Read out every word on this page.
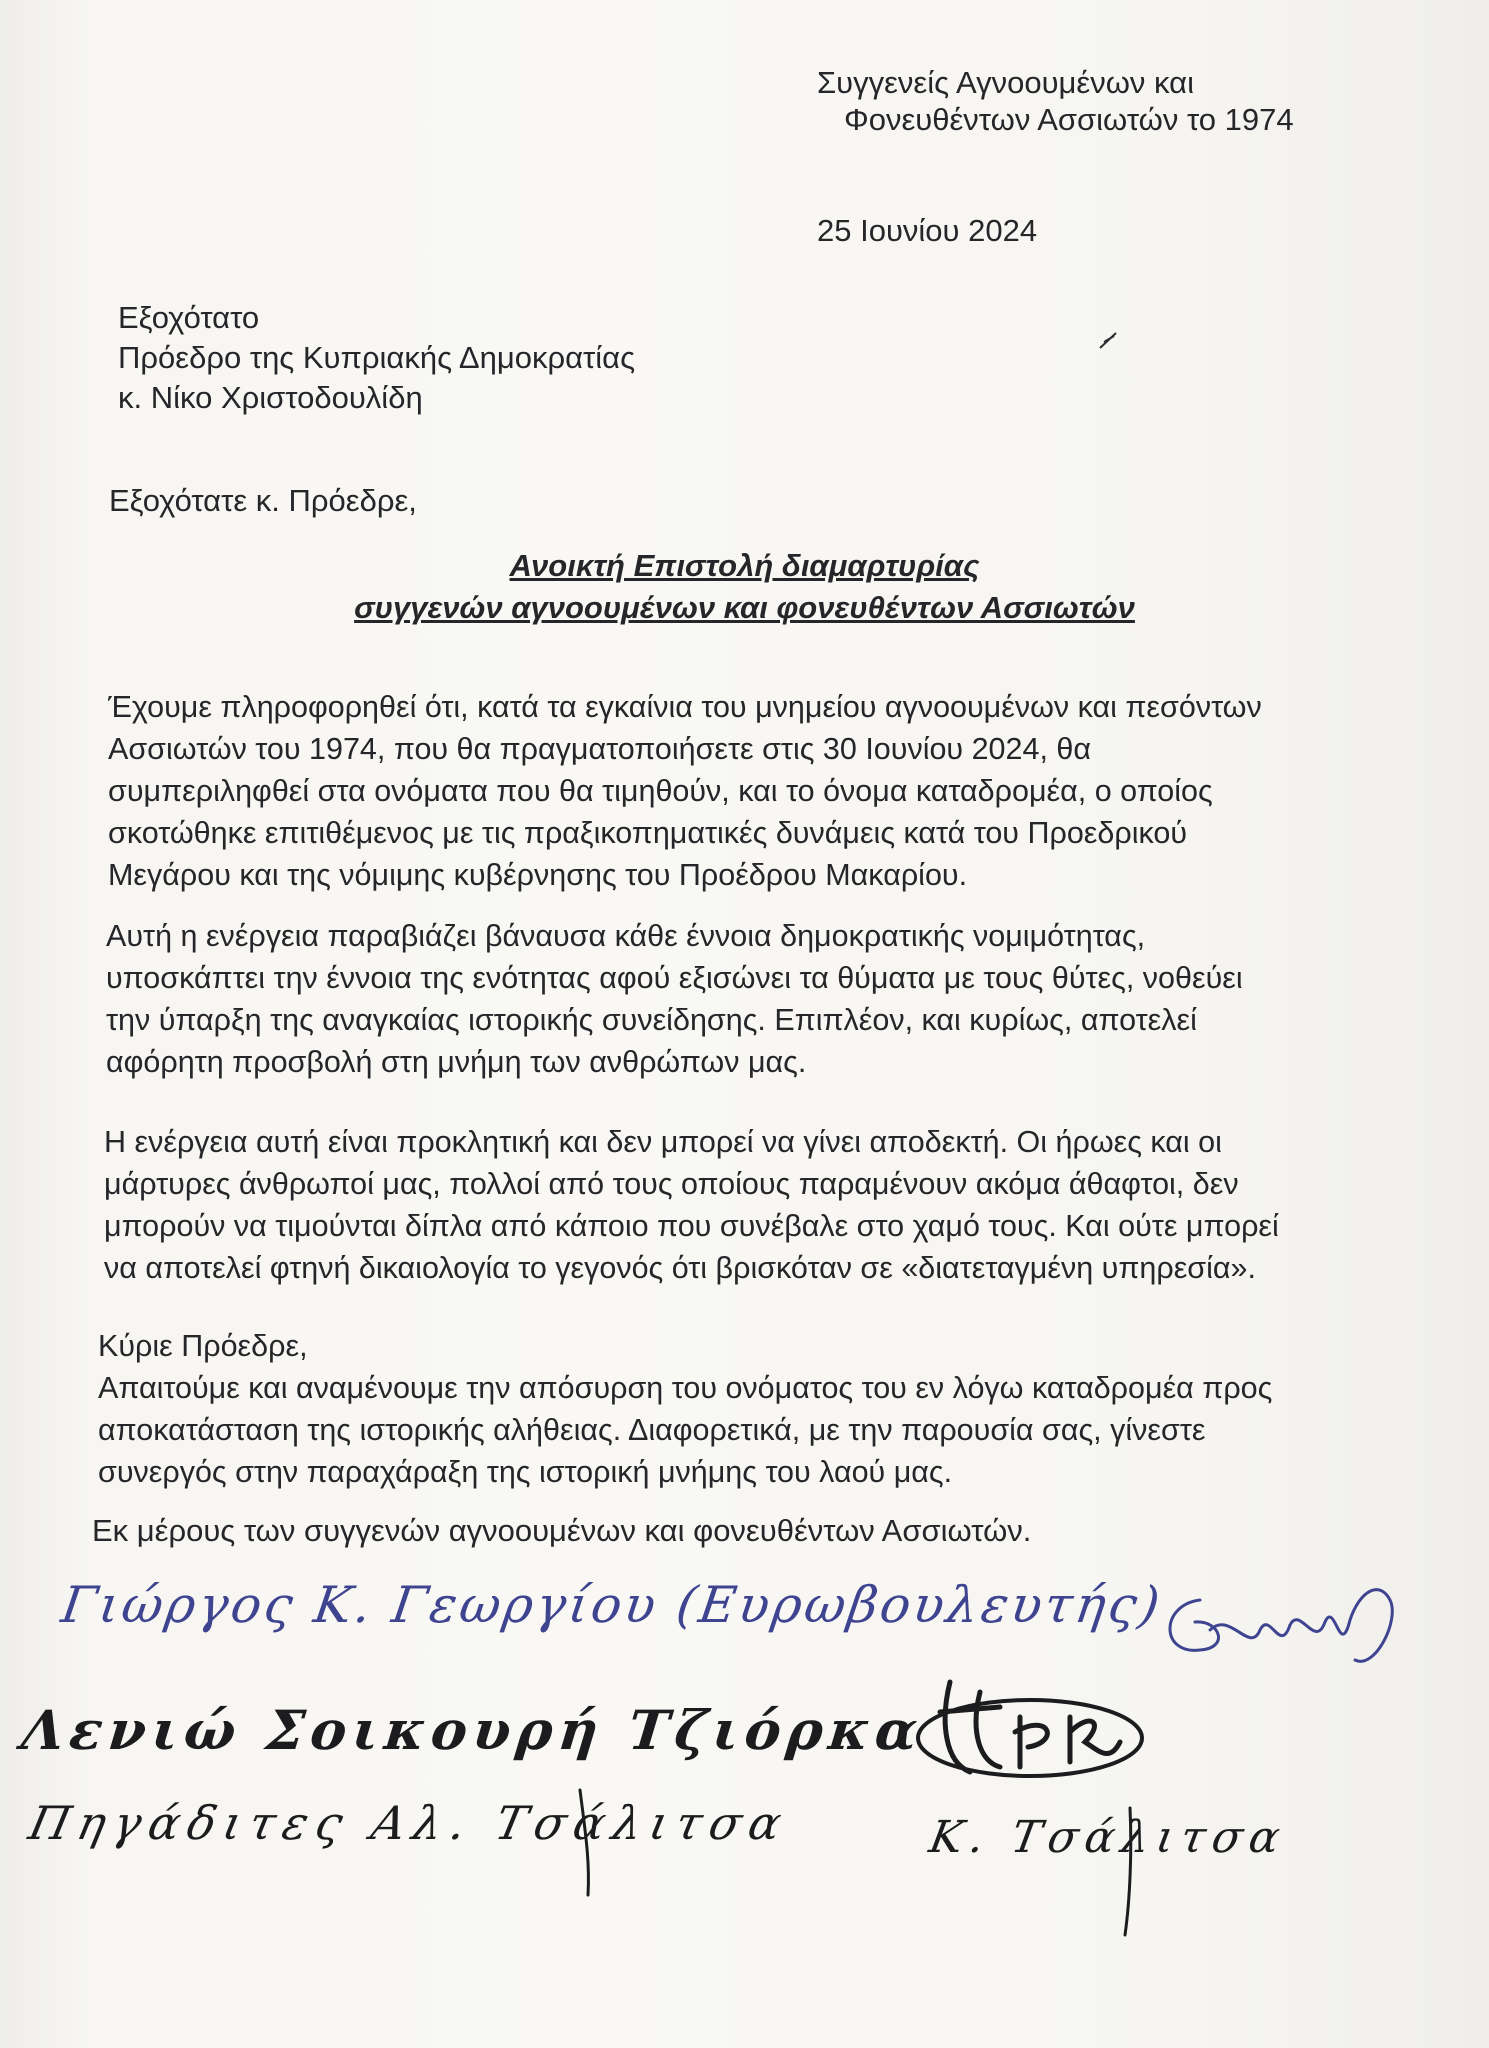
Συγγενείς Αγνοουμένων και
Φονευθέντων Ασσιωτών το 1974
25 Ιουνίου 2024
Εξοχότατο
Πρόεδρο της Κυπριακής Δημοκρατίας
κ. Νίκο Χριστοδουλίδη
Εξοχότατε κ. Πρόεδρε,
Ανοικτή Επιστολή διαμαρτυρίας
συγγενών αγνοουμένων και φονευθέντων Ασσιωτών
Έχουμε πληροφορηθεί ότι, κατά τα εγκαίνια του μνημείου αγνοουμένων και πεσόντων
Ασσιωτών του 1974, που θα πραγματοποιήσετε στις 30 Ιουνίου 2024, θα
συμπεριληφθεί στα ονόματα που θα τιμηθούν, και το όνομα καταδρομέα, ο οποίος
σκοτώθηκε επιτιθέμενος με τις πραξικοπηματικές δυνάμεις κατά του Προεδρικού
Μεγάρου και της νόμιμης κυβέρνησης του Προέδρου Μακαρίου.
Αυτή η ενέργεια παραβιάζει βάναυσα κάθε έννοια δημοκρατικής νομιμότητας,
υποσκάπτει την έννοια της ενότητας αφού εξισώνει τα θύματα με τους θύτες, νοθεύει
την ύπαρξη της αναγκαίας ιστορικής συνείδησης. Επιπλέον, και κυρίως, αποτελεί
αφόρητη προσβολή στη μνήμη των ανθρώπων μας.
Η ενέργεια αυτή είναι προκλητική και δεν μπορεί να γίνει αποδεκτή. Οι ήρωες και οι
μάρτυρες άνθρωποί μας, πολλοί από τους οποίους παραμένουν ακόμα άθαφτοι, δεν
μπορούν να τιμούνται δίπλα από κάποιο που συνέβαλε στο χαμό τους. Και ούτε μπορεί
να αποτελεί φτηνή δικαιολογία το γεγονός ότι βρισκόταν σε «διατεταγμένη υπηρεσία».
Κύριε Πρόεδρε,
Απαιτούμε και αναμένουμε την απόσυρση του ονόματος του εν λόγω καταδρομέα προς
αποκατάσταση της ιστορικής αλήθειας. Διαφορετικά, με την παρουσία σας, γίνεστε
συνεργός στην παραχάραξη της ιστορική μνήμης του λαού μας.
Εκ μέρους των συγγενών αγνοουμένων και φονευθέντων Ασσιωτών.
Γιώργος Κ. Γεωργίου (Ευρωβουλευτής)
Λενιώ Σοικουρή Τζιόρκα
Πηγάδιτες Αλ. Τσάλιτσα	Κ. Τσάλιτσα
